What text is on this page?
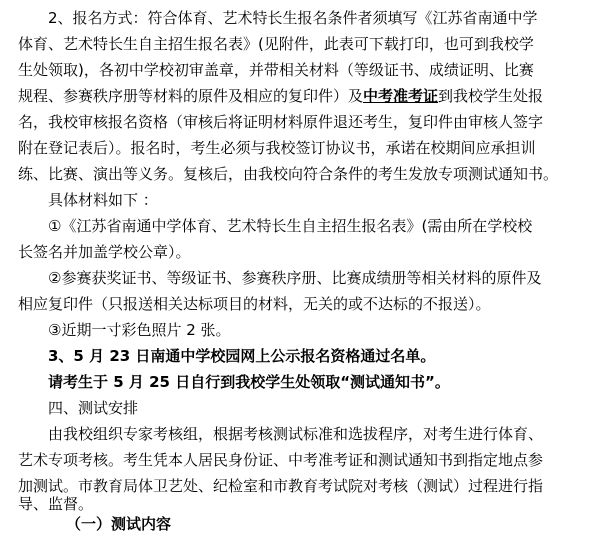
2、报名方式：符合体育、艺术特长生报名条件者须填写《江苏省南通中学
体育、艺术特长生自主招生报名表》(见附件，此表可下载打印，也可到我校学
生处领取)，各初中学校初审盖章，并带相关材料（等级证书、成绩证明、比赛
规程、参赛秩序册等材料的原件及相应的复印件）及中考准考证到我校学生处报
名，我校审核报名资格（审核后将证明材料原件退还考生，复印件由审核人签字
附在登记表后）。报名时，考生必须与我校签订协议书，承诺在校期间应承担训
练、比赛、演出等义务。复核后，由我校向符合条件的考生发放专项测试通知书。
具体材料如下 ：
①《江苏省南通中学体育、艺术特长生自主招生报名表》(需由所在学校校
长签名并加盖学校公章）。
②参赛获奖证书、等级证书、参赛秩序册、比赛成绩册等相关材料的原件及
相应复印件（只报送相关达标项目的材料，无关的或不达标的不报送）。
③近期一寸彩色照片 2 张。
3、5 月 23 日南通中学校园网上公示报名资格通过名单。
请考生于 5 月 25 日自行到我校学生处领取“测试通知书”。
四、测试安排
由我校组织专家考核组，根据考核测试标准和选拔程序，对考生进行体育、
艺术专项考核。考生凭本人居民身份证、中考准考证和测试通知书到指定地点参
加测试。市教育局体卫艺处、纪检室和市教育考试院对考核（测试）过程进行指
导、监督。
（一）测试内容
